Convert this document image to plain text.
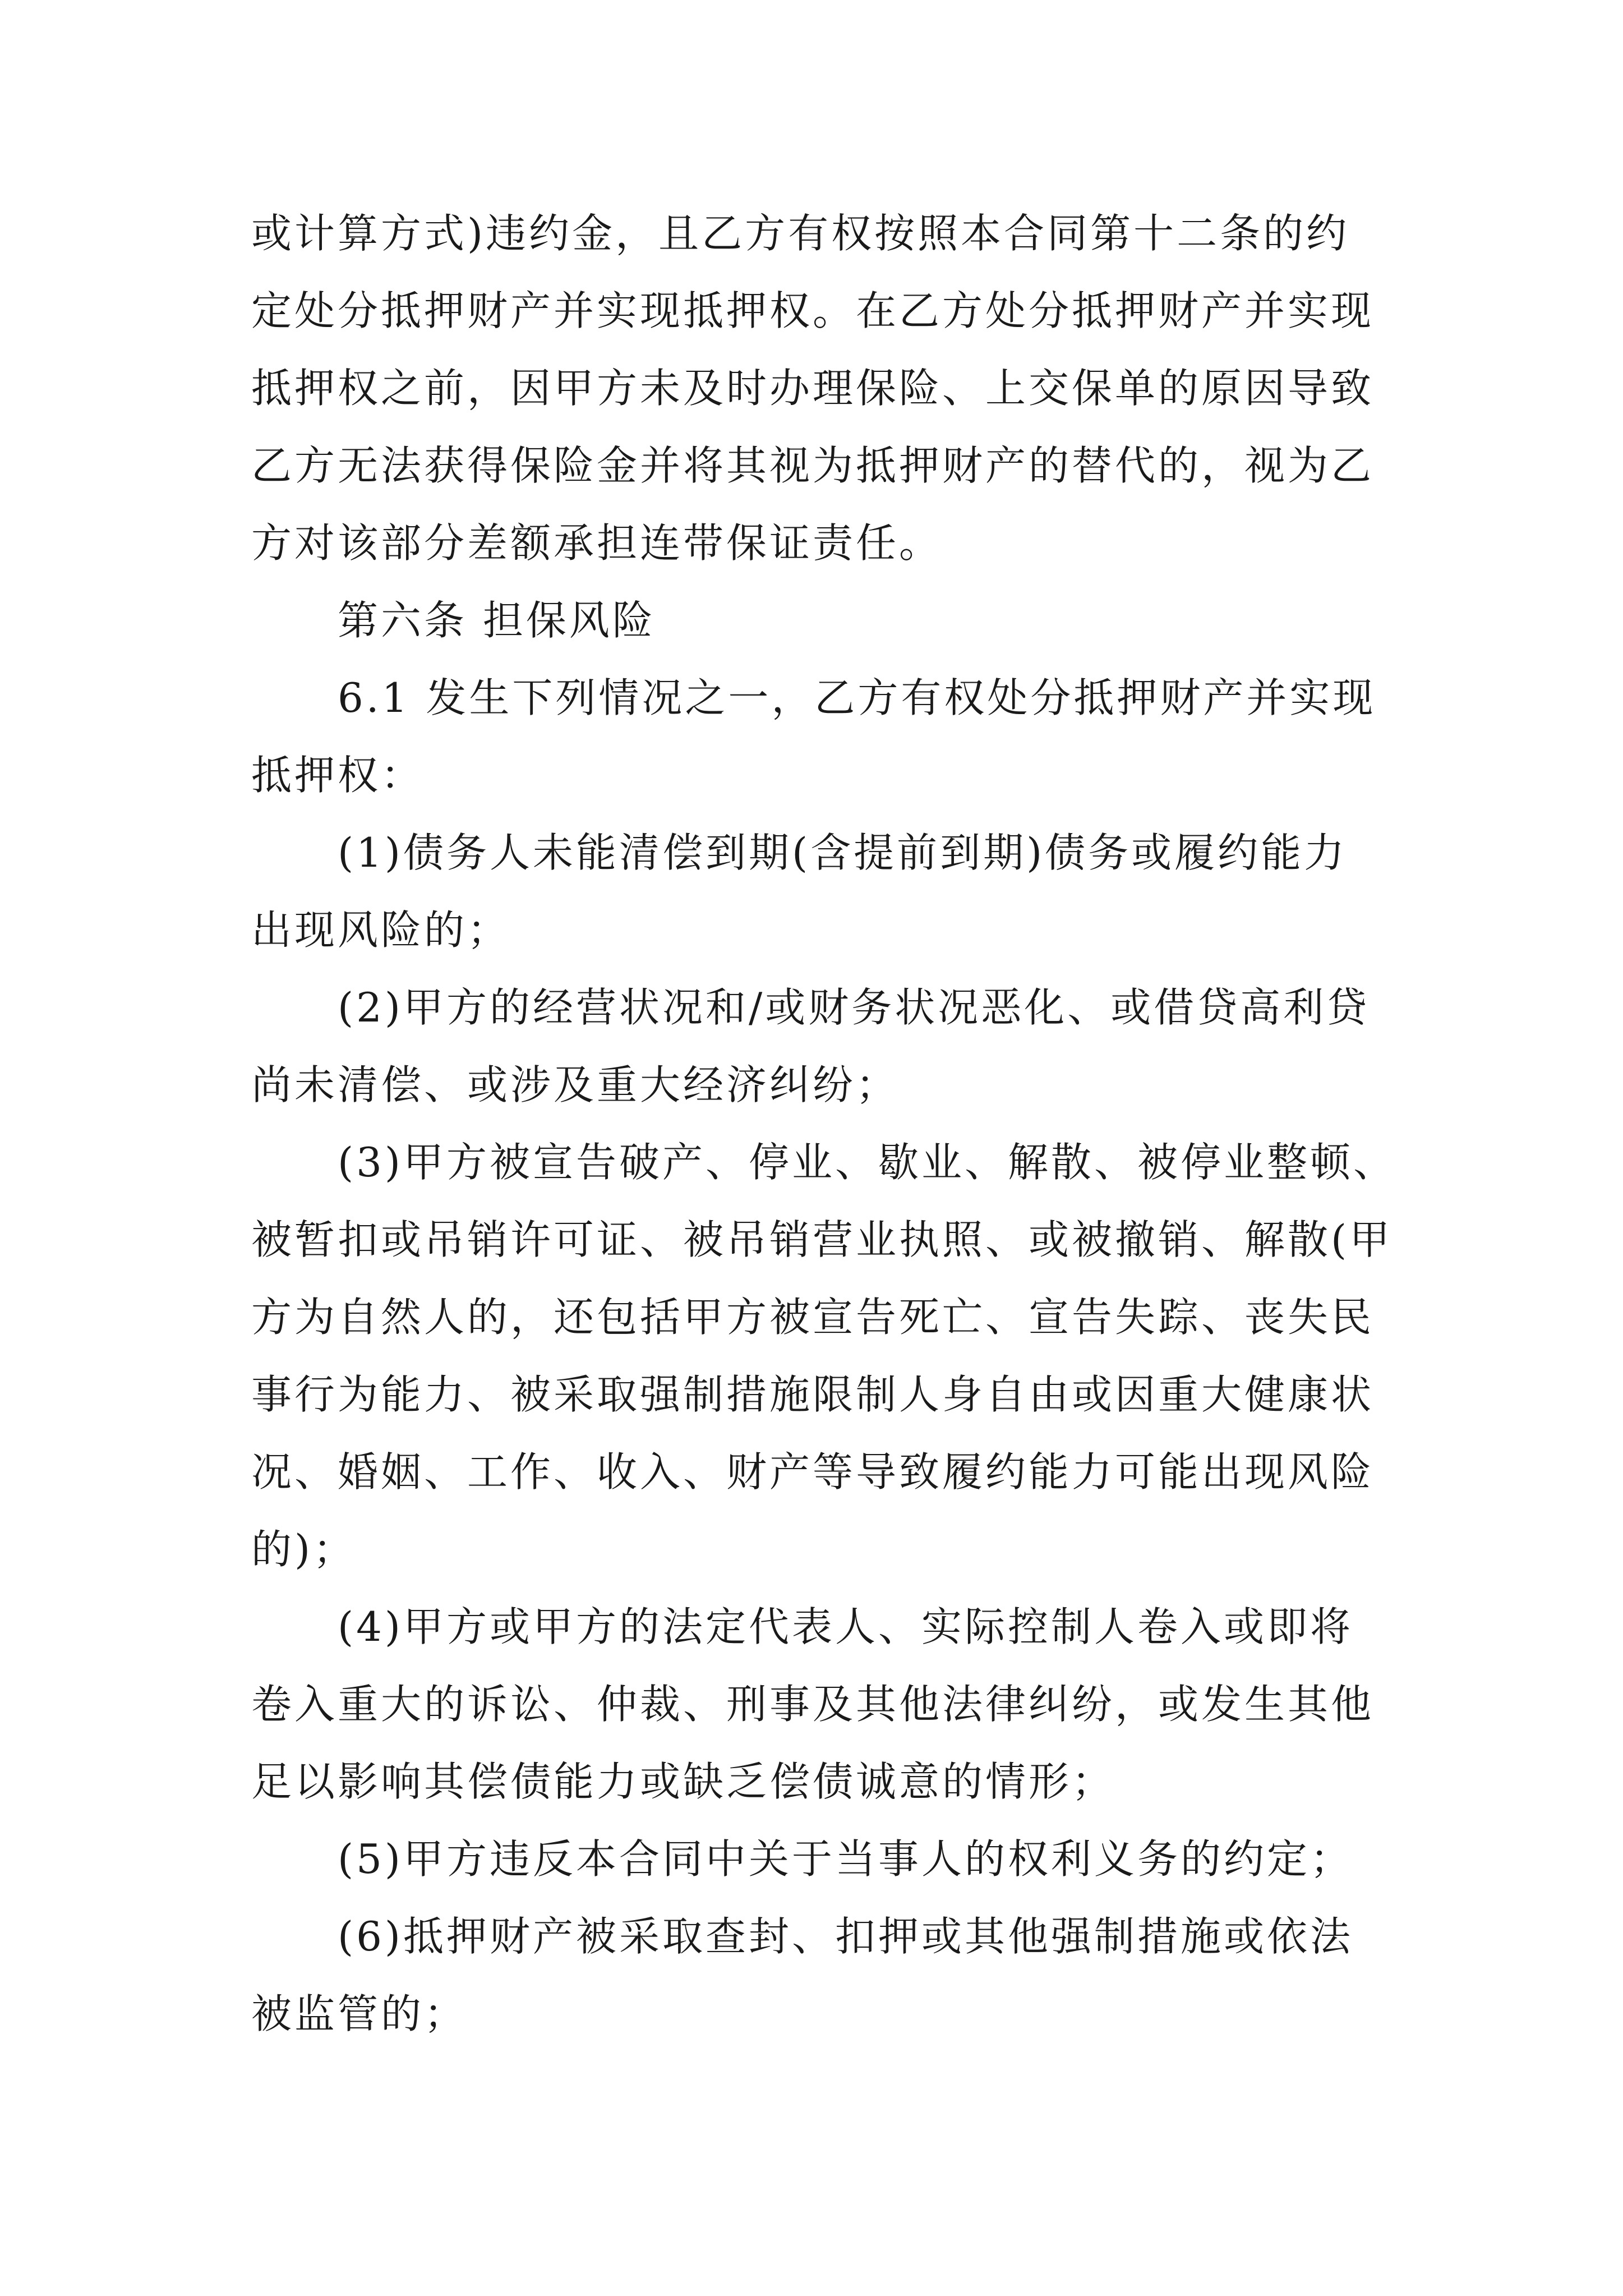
或计算方式)违约金，且乙方有权按照本合同第十二条的约
定处分抵押财产并实现抵押权。在乙方处分抵押财产并实现
抵押权之前，因甲方未及时办理保险、上交保单的原因导致
乙方无法获得保险金并将其视为抵押财产的替代的，视为乙
方对该部分差额承担连带保证责任。
第六条 担保风险
6.1 发生下列情况之一，乙方有权处分抵押财产并实现
抵押权：
(1)债务人未能清偿到期(含提前到期)债务或履约能力
出现风险的；
(2)甲方的经营状况和/或财务状况恶化、或借贷高利贷
尚未清偿、或涉及重大经济纠纷；
(3)甲方被宣告破产、停业、歇业、解散、被停业整顿、
被暂扣或吊销许可证、被吊销营业执照、或被撤销、解散(甲
方为自然人的，还包括甲方被宣告死亡、宣告失踪、丧失民
事行为能力、被采取强制措施限制人身自由或因重大健康状
况、婚姻、工作、收入、财产等导致履约能力可能出现风险
的)；
(4)甲方或甲方的法定代表人、实际控制人卷入或即将
卷入重大的诉讼、仲裁、刑事及其他法律纠纷，或发生其他
足以影响其偿债能力或缺乏偿债诚意的情形；
(5)甲方违反本合同中关于当事人的权利义务的约定；
(6)抵押财产被采取查封、扣押或其他强制措施或依法
被监管的；
